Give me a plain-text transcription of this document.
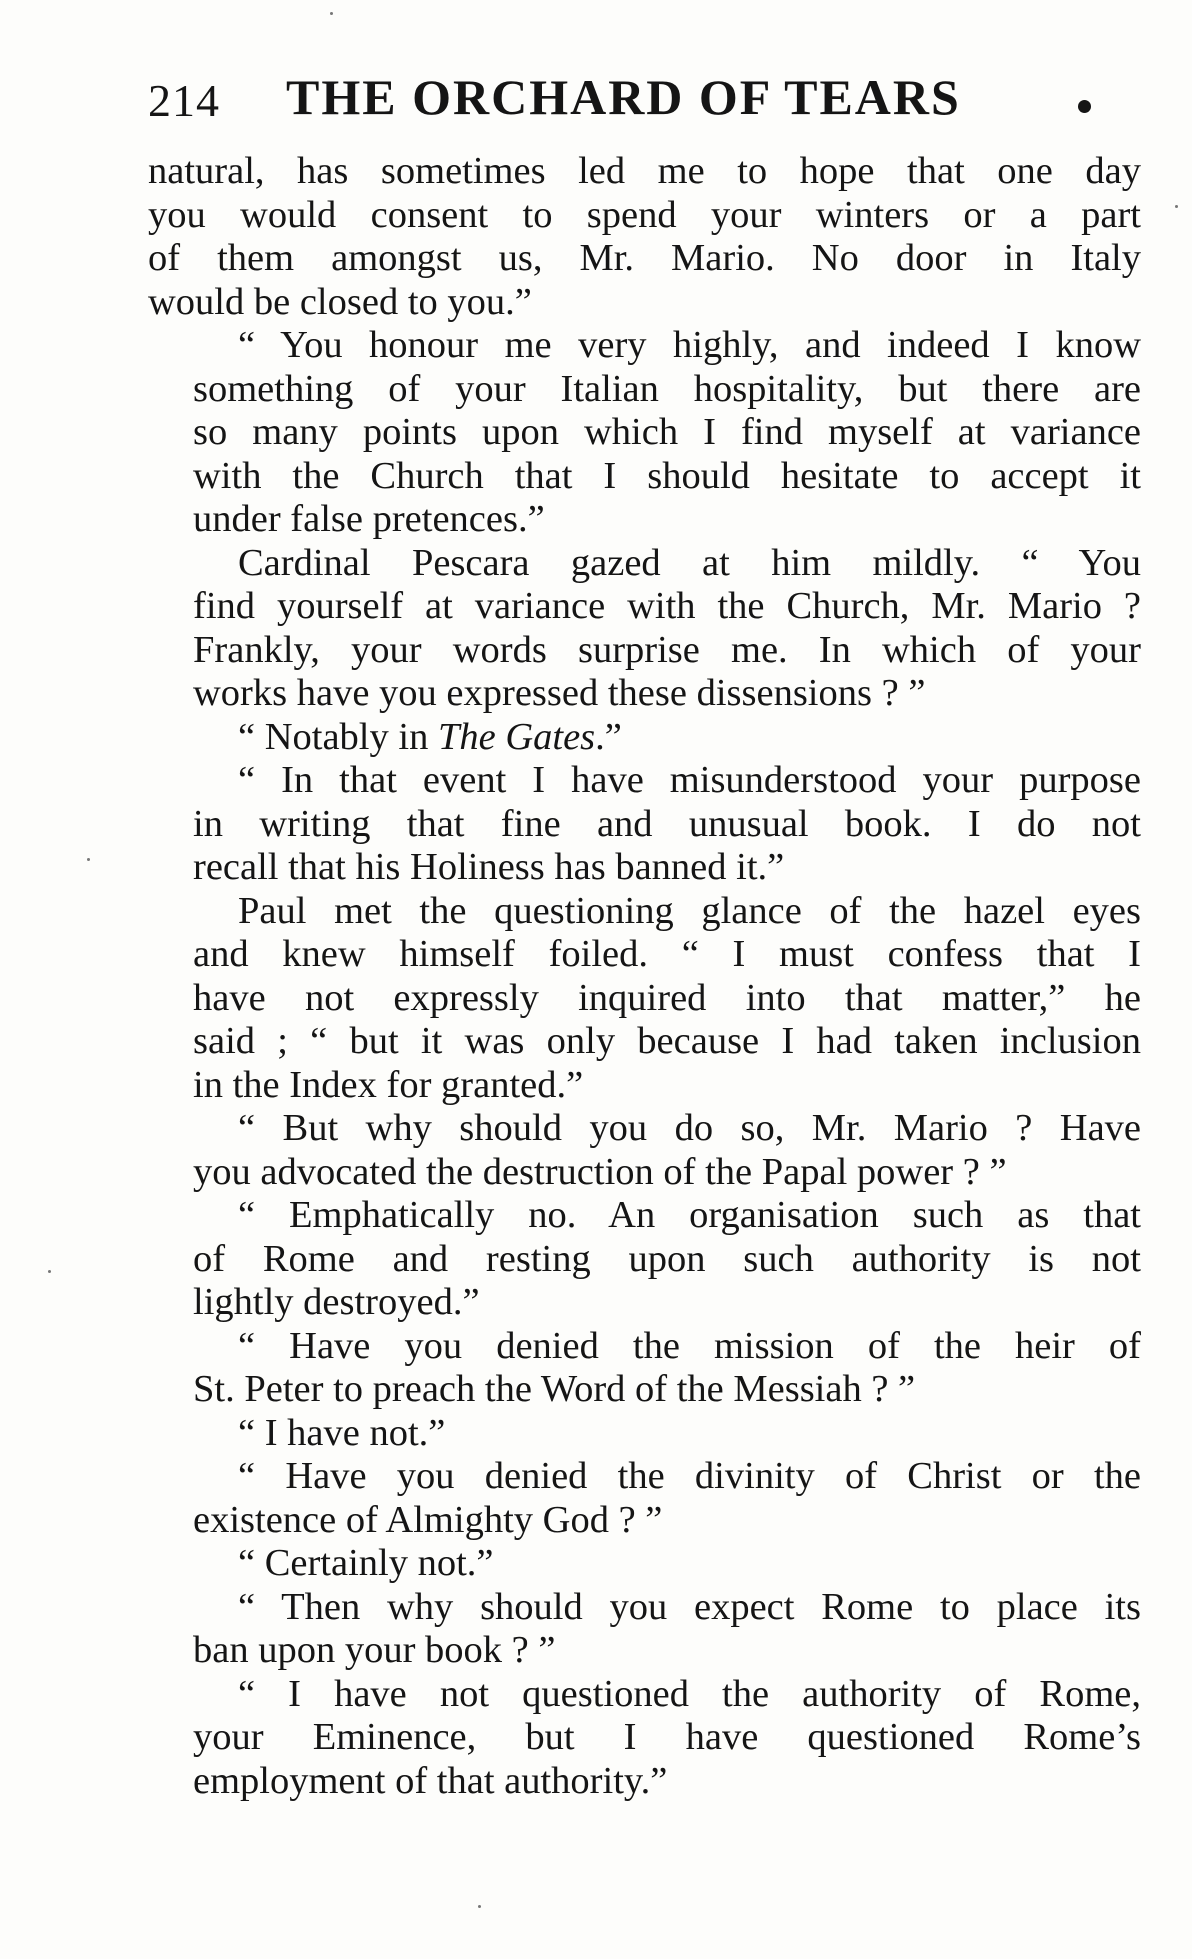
214 THE ORCHARD OF TEARS
natural, has sometimes led me to hope that one day
you would consent to spend your winters or a part
of them amongst us, Mr. Mario. No door in Italy
would be closed to you.”
“ You honour me very highly, and indeed I know
something of your Italian hospitality, but there are
so many points upon which I find myself at variance
with the Church that I should hesitate to accept it
under false pretences.”
Cardinal Pescara gazed at him mildly. “ You
find yourself at variance with the Church, Mr. Mario ?
Frankly, your words surprise me. In which of your
works have you expressed these dissensions ? ”
“ Notably in The Gates.”
“ In that event I have misunderstood your purpose
in writing that fine and unusual book. I do not
recall that his Holiness has banned it.”
Paul met the questioning glance of the hazel eyes
and knew himself foiled. “ I must confess that I
have not expressly inquired into that matter,” he
said ; “ but it was only because I had taken inclusion
in the Index for granted.”
“ But why should you do so, Mr. Mario ? Have
you advocated the destruction of the Papal power ? ”
“ Emphatically no. An organisation such as that
of Rome and resting upon such authority is not
lightly destroyed.”
“ Have you denied the mission of the heir of
St. Peter to preach the Word of the Messiah ? ”
“ I have not.”
“ Have you denied the divinity of Christ or the
existence of Almighty God ? ”
“ Certainly not.”
“ Then why should you expect Rome to place its
ban upon your book ? ”
“ I have not questioned the authority of Rome,
your Eminence, but I have questioned Rome’s
employment of that authority.”
